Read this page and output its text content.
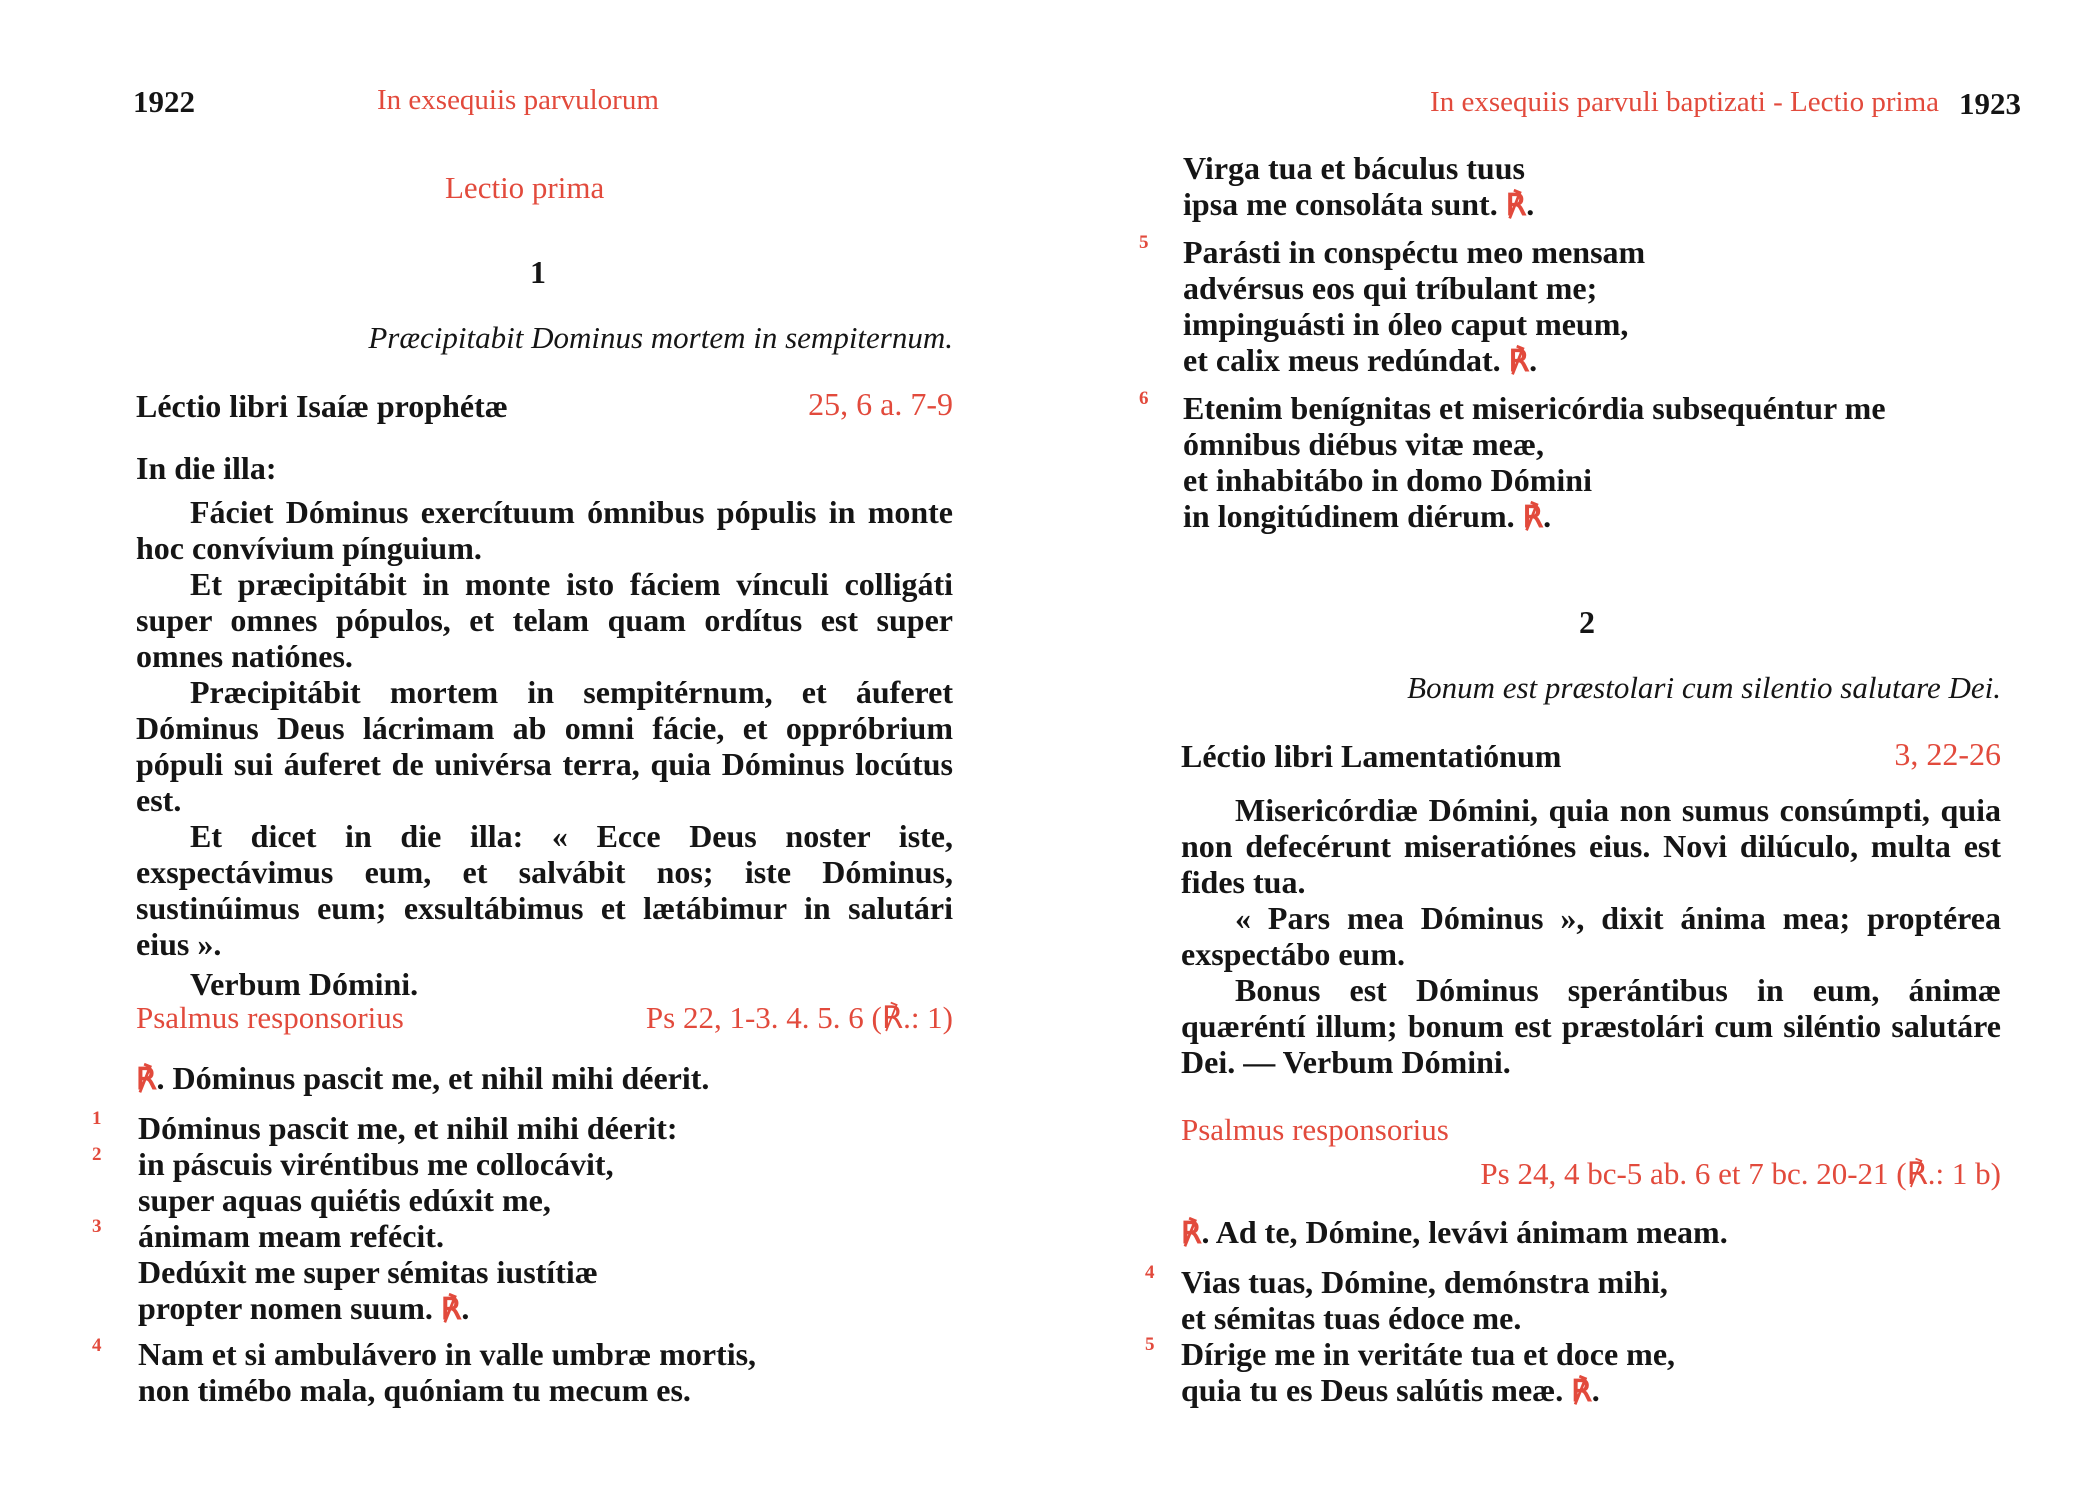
1922	In exsequiis parvulorum
Lectio prima
1
Præcipitabit Dominus mortem in sempiternum.
Léctio libri Isaíæ prophétæ	25, 6 a. 7-9
In die illa:

Fáciet Dóminus exercítuum ómnibus pópulis in monte hoc convívium pínguium.

Et præcipitábit in monte isto fáciem vínculi colligáti super omnes pópulos, et telam quam ordítus est super omnes natiónes.

Præcipitábit mortem in sempitérnum, et áuferet Dóminus Deus lácrimam ab omni fácie, et oppróbrium pópuli sui áuferet de univérsa terra, quia Dóminus locútus est.

Et dicet in die illa: « Ecce Deus noster iste, exspectávimus eum, et salvábit nos; iste Dóminus, sustinúimus eum; exsultábimus et lætábimur in salutári eius ».

Verbum Dómini.

Psalmus responsorius	Ps 22, 1-3. 4. 5. 6 (℟.: 1)
℟. Dóminus pascit me, et nihil mihi déerit.
1
2
3
4
Dóminus pascit me, et nihil mihi déerit:
in páscuis viréntibus me collocávit,
super aquas quiétis edúxit me,
ánimam meam refécit.
Dedúxit me super sémitas iustítiæ
propter nomen suum. ℟.
Nam et si ambulávero in valle umbræ mortis,
non timébo mala, quóniam tu mecum es.
In exsequiis parvuli baptizati - Lectio prima 1923
5
6
Virga tua et báculus tuus
ipsa me consoláta sunt. ℟.
Parásti in conspéctu meo mensam
advérsus eos qui tríbulant me;
impinguásti in óleo caput meum,
et calix meus redúndat. ℟.
Etenim benígnitas et misericórdia subsequéntur me
ómnibus diébus vitæ meæ,
et inhabitábo in domo Dómini
in longitúdinem diérum. ℟.
2
Bonum est præstolari cum silentio salutare Dei.
Léctio libri Lamentatiónum	3, 22-26

Misericórdiæ Dómini, quia non sumus consúmpti, quia non defecérunt miseratiónes eius. Novi dilúculo, multa est fides tua.

« Pars mea Dóminus », dixit ánima mea; proptérea exspectábo eum.

Bonus est Dóminus sperántibus in eum, ánimæ quæréntí illum; bonum est præstolári cum siléntio salutáre Dei. — Verbum Dómini.

Psalmus responsorius
Ps 24, 4 bc-5 ab. 6 et 7 bc. 20-21 (℟.: 1 b)
℟. Ad te, Dómine, levávi ánimam meam.
4
5
Vias tuas, Dómine, demónstra mihi,
et sémitas tuas édoce me.
Dírige me in veritáte tua et doce me,
quia tu es Deus salútis meæ. ℟.
